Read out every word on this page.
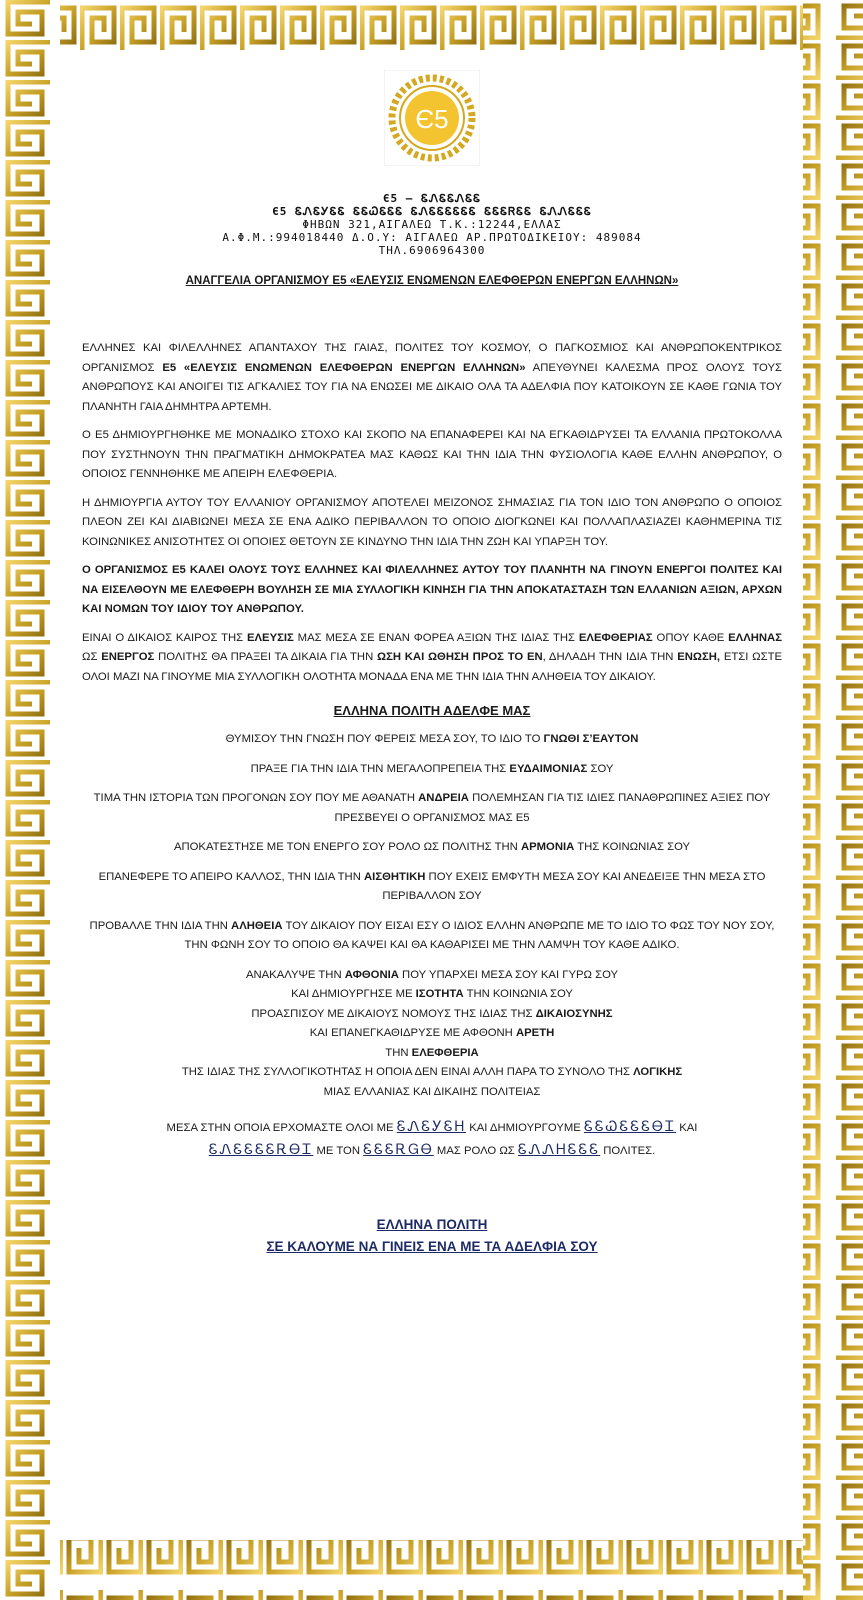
Є5
Є5 – ᏋᏁᏋᏋᏁᏋᏋ
Є5 ᏋᏁᏋᎩᏋᏋ ᏋᏋᏇᏋᏋᏋ ᏋᏁᏋᏋᏋᏋᏋᏋ ᏋᏋᏋᏒᏋᏋ ᏋᏁᏁᏋᏋᏋ
ΦΗΒΩΝ 321,ΑΙΓΑΛΕΩ Τ.Κ.:12244,ΕΛΛΑΣ
Α.Φ.Μ.:994018440 Δ.Ο.Υ: ΑΙΓΑΛΕΩ ΑΡ.ΠΡΩΤΟΔΙΚΕΙΟΥ: 489084
ΤΗΛ.6906964300
ΑΝΑΓΓΕΛΙΑ ΟΡΓΑΝΙΣΜΟΥ Ε5 «ΕΛΕΥΣΙΣ ΕΝΩΜΕΝΩΝ ΕΛΕΦΘΕΡΩΝ ΕΝΕΡΓΩΝ ΕΛΛΗΝΩΝ»

ΕΛΛΗΝΕΣ ΚΑΙ ΦΙΛΕΛΛΗΝΕΣ ΑΠΑΝΤΑΧΟΥ ΤΗΣ ΓΑΙΑΣ, ΠΟΛΙΤΕΣ ΤΟΥ ΚΟΣΜΟΥ, Ο ΠΑΓΚΟΣΜΙΟΣ ΚΑΙ ΑΝΘΡΩΠΟΚΕΝΤΡΙΚΟΣ ΟΡΓΑΝΙΣΜΟΣ Ε5 «ΕΛΕΥΣΙΣ ΕΝΩΜΕΝΩΝ ΕΛΕΦΘΕΡΩΝ ΕΝΕΡΓΩΝ ΕΛΛΗΝΩΝ» ΑΠΕΥΘΥΝΕΙ ΚΑΛΕΣΜΑ ΠΡΟΣ ΟΛΟΥΣ ΤΟΥΣ ΑΝΘΡΩΠΟΥΣ ΚΑΙ ΑΝΟΙΓΕΙ ΤΙΣ ΑΓΚΑΛΙΕΣ ΤΟΥ ΓΙΑ ΝΑ ΕΝΩΣΕΙ ΜΕ ΔΙΚΑΙΟ ΟΛΑ ΤΑ ΑΔΕΛΦΙΑ ΠΟΥ ΚΑΤΟΙΚΟΥΝ ΣΕ ΚΑΘΕ ΓΩΝΙΑ ΤΟΥ ΠΛΑΝΗΤΗ ΓΑΙΑ ΔΗΜΗΤΡΑ ΑΡΤΕΜΗ.

Ο Ε5 ΔΗΜΙΟΥΡΓΗΘΗΚΕ ΜΕ ΜΟΝΑΔΙΚΟ ΣΤΟΧΟ ΚΑΙ ΣΚΟΠΟ ΝΑ ΕΠΑΝΑΦΕΡΕΙ ΚΑΙ ΝΑ ΕΓΚΑΘΙΔΡΥΣΕΙ ΤΑ ΕΛΛΑΝΙΑ ΠΡΩΤΟΚΟΛΛΑ ΠΟΥ ΣΥΣΤΗΝΟΥΝ ΤΗΝ ΠΡΑΓΜΑΤΙΚΗ ΔΗΜΟΚΡΑΤΕΑ ΜΑΣ ΚΑΘΩΣ ΚΑΙ ΤΗΝ ΙΔΙΑ ΤΗΝ ΦΥΣΙΟΛΟΓΙΑ ΚΑΘΕ ΕΛΛΗΝ ΑΝΘΡΩΠΟΥ, Ο ΟΠΟΙΟΣ ΓΕΝΝΗΘΗΚΕ ΜΕ ΑΠΕΙΡΗ ΕΛΕΦΘΕΡΙΑ.

Η ΔΗΜΙΟΥΡΓΙΑ ΑΥΤΟΥ ΤΟΥ ΕΛΛΑΝΙΟΥ ΟΡΓΑΝΙΣΜΟΥ ΑΠΟΤΕΛΕΙ ΜΕΙΖΟΝΟΣ ΣΗΜΑΣΙΑΣ ΓΙΑ ΤΟΝ ΙΔΙΟ ΤΟΝ ΑΝΘΡΩΠΟ Ο ΟΠΟΙΟΣ ΠΛΕΟΝ ΖΕΙ ΚΑΙ ΔΙΑΒΙΩΝΕΙ ΜΕΣΑ ΣΕ ΕΝΑ ΑΔΙΚΟ ΠΕΡΙΒΑΛΛΟΝ ΤΟ ΟΠΟΙΟ ΔΙΟΓΚΩΝΕΙ ΚΑΙ ΠΟΛΛΑΠΛΑΣΙΑΖΕΙ ΚΑΘΗΜΕΡΙΝΑ ΤΙΣ ΚΟΙΝΩΝΙΚΕΣ ΑΝΙΣΟΤΗΤΕΣ ΟΙ ΟΠΟΙΕΣ ΘΕΤΟΥΝ ΣΕ ΚΙΝΔΥΝΟ ΤΗΝ ΙΔΙΑ ΤΗΝ ΖΩΗ ΚΑΙ ΥΠΑΡΞΗ ΤΟΥ.

Ο ΟΡΓΑΝΙΣΜΟΣ Ε5 ΚΑΛΕΙ ΟΛΟΥΣ ΤΟΥΣ ΕΛΛΗΝΕΣ ΚΑΙ ΦΙΛΕΛΛΗΝΕΣ ΑΥΤΟΥ ΤΟΥ ΠΛΑΝΗΤΗ ΝΑ ΓΙΝΟΥΝ ΕΝΕΡΓΟΙ ΠΟΛΙΤΕΣ ΚΑΙ ΝΑ ΕΙΣΕΛΘΟΥΝ ΜΕ ΕΛΕΦΘΕΡΗ ΒΟΥΛΗΣΗ ΣΕ ΜΙΑ ΣΥΛΛΟΓΙΚΗ ΚΙΝΗΣΗ ΓΙΑ ΤΗΝ ΑΠΟΚΑΤΑΣΤΑΣΗ ΤΩΝ ΕΛΛΑΝΙΩΝ ΑΞΙΩΝ, ΑΡΧΩΝ ΚΑΙ ΝΟΜΩΝ ΤΟΥ ΙΔΙΟΥ ΤΟΥ ΑΝΘΡΩΠΟΥ.

ΕΙΝΑΙ Ο ΔΙΚΑΙΟΣ ΚΑΙΡΟΣ ΤΗΣ ΕΛΕΥΣΙΣ ΜΑΣ ΜΕΣΑ ΣΕ ΕΝΑΝ ΦΟΡΕΑ ΑΞΙΩΝ ΤΗΣ ΙΔΙΑΣ ΤΗΣ ΕΛΕΦΘΕΡΙΑΣ ΟΠΟΥ ΚΑΘΕ ΕΛΛΗΝΑΣ ΩΣ ΕΝΕΡΓΟΣ ΠΟΛΙΤΗΣ ΘΑ ΠΡΑΞΕΙ ΤΑ ΔΙΚΑΙΑ ΓΙΑ ΤΗΝ ΩΣΗ ΚΑΙ ΩΘΗΣΗ ΠΡΟΣ ΤΟ ΕΝ, ΔΗΛΑΔΗ ΤΗΝ ΙΔΙΑ ΤΗΝ ΕΝΩΣΗ, ΕΤΣΙ ΩΣΤΕ ΟΛΟΙ ΜΑΖΙ ΝΑ ΓΙΝΟΥΜΕ ΜΙΑ ΣΥΛΛΟΓΙΚΗ ΟΛΟΤΗΤΑ ΜΟΝΑΔΑ ΕΝΑ ΜΕ ΤΗΝ ΙΔΙΑ ΤΗΝ ΑΛΗΘΕΙΑ ΤΟΥ ΔΙΚΑΙΟΥ.

ΕΛΛΗΝΑ ΠΟΛΙΤΗ ΑΔΕΛΦΕ ΜΑΣ

ΘΥΜΙΣΟΥ ΤΗΝ ΓΝΩΣΗ ΠΟΥ ΦΕΡΕΙΣ ΜΕΣΑ ΣΟΥ, ΤΟ ΙΔΙΟ ΤΟ ΓΝΩΘΙ Σ’ΕΑΥΤΟΝ

ΠΡΑΞΕ ΓΙΑ ΤΗΝ ΙΔΙΑ ΤΗΝ ΜΕΓΑΛΟΠΡΕΠΕΙΑ ΤΗΣ ΕΥΔΑΙΜΟΝΙΑΣ ΣΟΥ

ΤΙΜΑ ΤΗΝ ΙΣΤΟΡΙΑ ΤΩΝ ΠΡΟΓΟΝΩΝ ΣΟΥ ΠΟΥ ΜΕ ΑΘΑΝΑΤΗ ΑΝΔΡΕΙΑ ΠΟΛΕΜΗΣΑΝ ΓΙΑ ΤΙΣ ΙΔΙΕΣ ΠΑΝΑΘΡΩΠΙΝΕΣ ΑΞΙΕΣ ΠΟΥ ΠΡΕΣΒΕΥΕΙ Ο ΟΡΓΑΝΙΣΜΟΣ ΜΑΣ Ε5

ΑΠΟΚΑΤΕΣΤΗΣΕ ΜΕ ΤΟΝ ΕΝΕΡΓΟ ΣΟΥ ΡΟΛΟ ΩΣ ΠΟΛΙΤΗΣ ΤΗΝ ΑΡΜΟΝΙΑ ΤΗΣ ΚΟΙΝΩΝΙΑΣ ΣΟΥ

ΕΠΑΝΕΦΕΡΕ ΤΟ ΑΠΕΙΡΟ ΚΑΛΛΟΣ, ΤΗΝ ΙΔΙΑ ΤΗΝ ΑΙΣΘΗΤΙΚΗ ΠΟΥ ΕΧΕΙΣ ΕΜΦΥΤΗ ΜΕΣΑ ΣΟΥ ΚΑΙ ΑΝΕΔΕΙΞΕ ΤΗΝ ΜΕΣΑ ΣΤΟ ΠΕΡΙΒΑΛΛΟΝ ΣΟΥ

ΠΡΟΒΑΛΛΕ ΤΗΝ ΙΔΙΑ ΤΗΝ ΑΛΗΘΕΙΑ ΤΟΥ ΔΙΚΑΙΟΥ ΠΟΥ ΕΙΣΑΙ ΕΣΥ Ο ΙΔΙΟΣ ΕΛΛΗΝ ΑΝΘΡΩΠΕ ΜΕ ΤΟ ΙΔΙΟ ΤΟ ΦΩΣ ΤΟΥ ΝΟΥ ΣΟΥ, ΤΗΝ ΦΩΝΗ ΣΟΥ ΤΟ ΟΠΟΙΟ ΘΑ ΚΑΨΕΙ ΚΑΙ ΘΑ ΚΑΘΑΡΙΣΕΙ ΜΕ ΤΗΝ ΛΑΜΨΗ ΤΟΥ ΚΑΘΕ ΑΔΙΚΟ.

ΑΝΑΚΑΛΥΨΕ ΤΗΝ ΑΦΘΟΝΙΑ ΠΟΥ ΥΠΑΡΧΕΙ ΜΕΣΑ ΣΟΥ ΚΑΙ ΓΥΡΩ ΣΟΥ
ΚΑΙ ΔΗΜΙΟΥΡΓΗΣΕ ΜΕ ΙΣΟΤΗΤΑ ΤΗΝ ΚΟΙΝΩΝΙΑ ΣΟΥ
ΠΡΟΑΣΠΙΣΟΥ ΜΕ ΔΙΚΑΙΟΥΣ ΝΟΜΟΥΣ ΤΗΣ ΙΔΙΑΣ ΤΗΣ ΔΙΚΑΙΟΣΥΝΗΣ
ΚΑΙ ΕΠΑΝΕΓΚΑΘΙΔΡΥΣΕ ΜΕ ΑΦΘΟΝΗ ΑΡΕΤΗ
ΤΗΝ ΕΛΕΦΘΕΡΙΑ
ΤΗΣ ΙΔΙΑΣ ΤΗΣ ΣΥΛΛΟΓΙΚΟΤΗΤΑΣ Η ΟΠΟΙΑ ΔΕΝ ΕΙΝΑΙ ΑΛΛΗ ΠΑΡΑ ΤΟ ΣΥΝΟΛΟ ΤΗΣ ΛΟΓΙΚΗΣ
ΜΙΑΣ ΕΛΛΑΝΙΑΣ ΚΑΙ ΔΙΚΑΙΗΣ ΠΟΛΙΤΕΙΑΣ
ΜΕΣΑ ΣΤΗΝ ΟΠΟΙΑ ΕΡΧΟΜΑΣΤΕ ΟΛΟΙ ΜΕ ᏋᏁᏋᎩᏋᎻ ΚΑΙ ΔΗΜΙΟΥΡΓΟΥΜΕ ᏋᏋᏇᏋᏋᏋᎾᏆ ΚΑΙ
ᏋᏁᏋᏋᏋᏋᎡᎾᏆ ΜΕ ΤΟΝ ᏋᏋᏋᎡᏀᎾ ΜΑΣ ΡΟΛΟ ΩΣ ᏋᏁᏁᎻᏋᏋᏋ ΠΟΛΙΤΕΣ.
ΕΛΛΗΝΑ ΠΟΛΙΤΗ
ΣΕ ΚΑΛΟΥΜΕ ΝΑ ΓΙΝΕΙΣ ΕΝΑ ΜΕ ΤΑ ΑΔΕΛΦΙΑ ΣΟΥ
